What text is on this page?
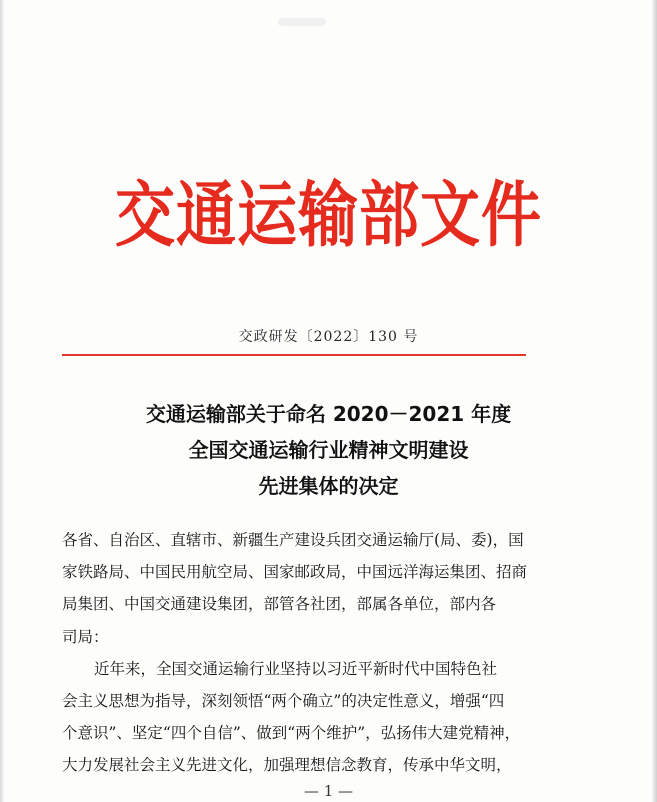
交通运输部文件
交政研发〔2022〕130 号
交通运输部关于命名 2020－2021 年度
全国交通运输行业精神文明建设
先进集体的决定
各省、自治区、直辖市、新疆生产建设兵团交通运输厅(局、委)，国
家铁路局、中国民用航空局、国家邮政局，中国远洋海运集团、招商
局集团、中国交通建设集团，部管各社团，部属各单位，部内各
司局：
近年来，全国交通运输行业坚持以习近平新时代中国特色社
会主义思想为指导，深刻领悟“两个确立”的决定性意义，增强“四
个意识”、坚定“四个自信”、做到“两个维护”，弘扬伟大建党精神，
大力发展社会主义先进文化，加强理想信念教育，传承中华文明，
— 1 —
